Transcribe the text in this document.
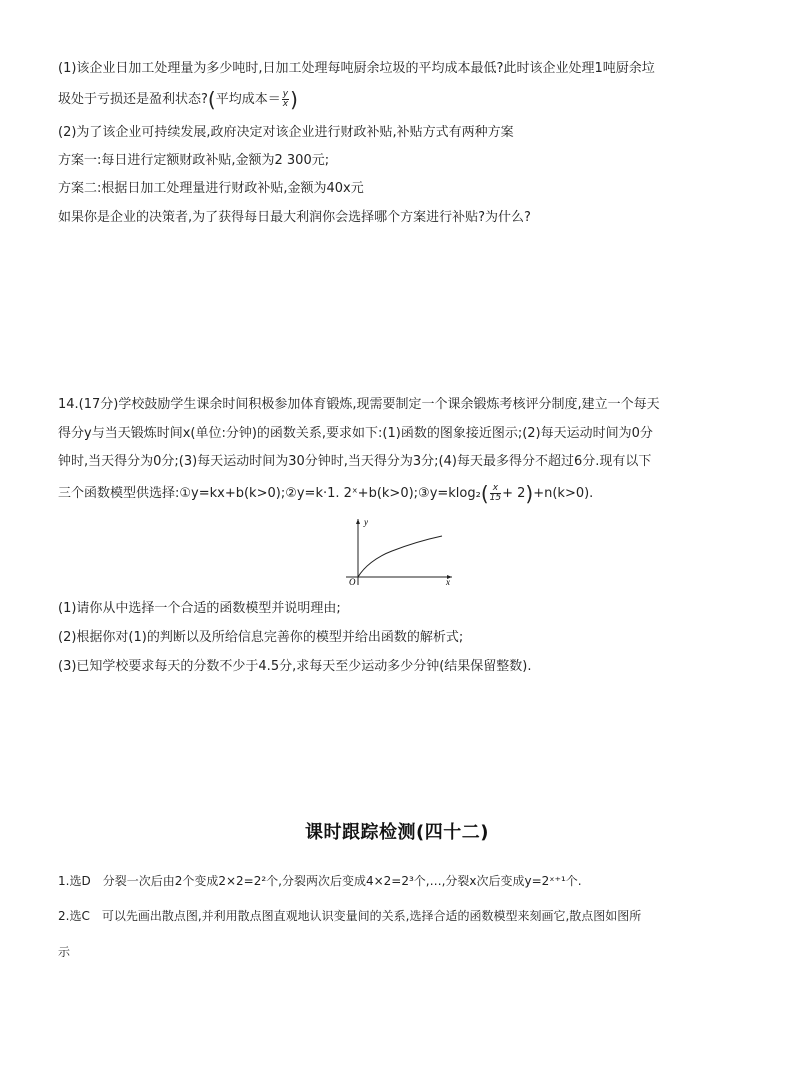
(1)该企业日加工处理量为多少吨时,日加工处理每吨厨余垃圾的平均成本最低?此时该企业处理1吨厨余垃
圾处于亏损还是盈利状态?(平均成本＝ $\frac{y}{x}$ )
(2)为了该企业可持续发展,政府决定对该企业进行财政补贴,补贴方式有两种方案
方案一:每日进行定额财政补贴,金额为2 300元;
方案二:根据日加工处理量进行财政补贴,金额为40x元
如果你是企业的决策者,为了获得每日最大利润你会选择哪个方案进行补贴?为什么?
14.(17分)学校鼓励学生课余时间积极参加体育锻炼,现需要制定一个课余锻炼考核评分制度,建立一个每天
得分y与当天锻炼时间x(单位:分钟)的函数关系,要求如下:(1)函数的图象接近图示;(2)每天运动时间为0分
钟时,当天得分为0分;(3)每天运动时间为30分钟时,当天得分为3分;(4)每天最多得分不超过6分.现有以下
三个函数模型供选择:①y=kx+b(k>0);②y=k·1. 2ˣ+b(k>0);③y=klog₂( $\frac{x}{15} + 2)+n(k>0)$.
y
x
O
(1)请你从中选择一个合适的函数模型并说明理由;
(2)根据你对(1)的判断以及所给信息完善你的模型并给出函数的解析式;
(3)已知学校要求每天的分数不少于4.5分,求每天至少运动多少分钟(结果保留整数).
课时跟踪检测(四十二)
1.选D　分裂一次后由2个变成2×2=2²个,分裂两次后变成4×2=2³个,…,分裂x次后变成y=2ˣ⁺¹个.
2.选C　可以先画出散点图,并利用散点图直观地认识变量间的关系,选择合适的函数模型来刻画它,散点图如图所
示
